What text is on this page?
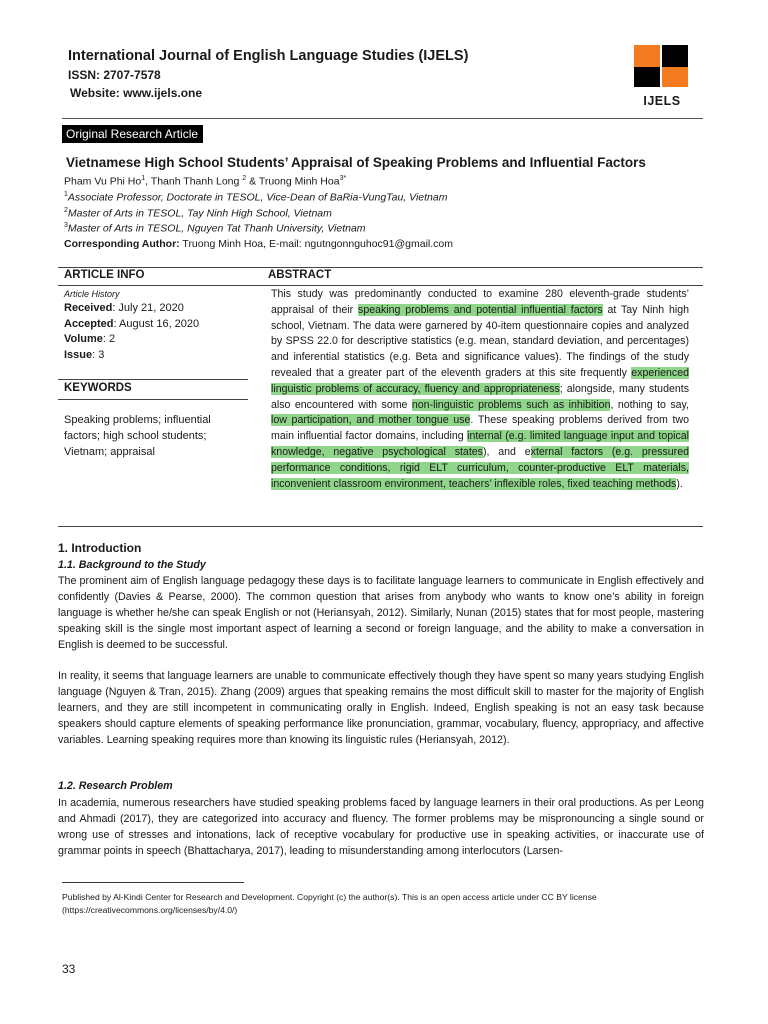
International Journal of English Language Studies (IJELS)
ISSN: 2707-7578
Website: www.ijels.one
IJELS
Original Research Article
Vietnamese High School Students’ Appraisal of Speaking Problems and Influential Factors
Pham Vu Phi Ho$^1$, Thanh Thanh Long $^2$ & Truong Minh Hoa$^{3*}$
$^1$Associate Professor, Doctorate in TESOL, Vice-Dean of BaRia-VungTau, Vietnam
$^2$Master of Arts in TESOL, Tay Ninh High School, Vietnam
$^3$Master of Arts in TESOL, Nguyen Tat Thanh University, Vietnam
Corresponding Author: Truong Minh Hoa, E-mail: ngutngonnguhoc91@gmail.com
ARTICLE INFO	ABSTRACT
Article History
Received: July 21, 2020
Accepted: August 16, 2020
Volume: 2
Issue: 3
KEYWORDS
Speaking problems; influential
factors; high school students;
Vietnam; appraisal
This study was predominantly conducted to examine 280 eleventh-grade students’ appraisal of their speaking problems and potential influential factors at Tay Ninh high school, Vietnam. The data were garnered by 40-item questionnaire copies and analyzed by SPSS 22.0 for descriptive statistics (e.g. mean, standard deviation, and percentages) and inferential statistics (e.g. Beta and significance values). The findings of the study revealed that a greater part of the eleventh graders at this site frequently experienced linguistic problems of accuracy, fluency and appropriateness; alongside, many students also encountered with some non-linguistic problems such as inhibition, nothing to say, low participation, and mother tongue use. These speaking problems derived from two main influential factor domains, including internal (e.g. limited language input and topical knowledge, negative psychological states), and external factors (e.g. pressured performance conditions, rigid ELT curriculum, counter-productive ELT materials, inconvenient classroom environment, teachers’ inflexible roles, fixed teaching methods).
1. Introduction
1.1. Background to the Study
The prominent aim of English language pedagogy these days is to facilitate language learners to communicate in English effectively and confidently (Davies & Pearse, 2000). The common question that arises from anybody who wants to know one’s ability in foreign language is whether he/she can speak English or not (Heriansyah, 2012). Similarly, Nunan (2015) states that for most people, mastering speaking skill is the single most important aspect of learning a second or foreign language, and the ability to make a conversation in English is deemed to be successful.
In reality, it seems that language learners are unable to communicate effectively though they have spent so many years studying English language (Nguyen & Tran, 2015). Zhang (2009) argues that speaking remains the most difficult skill to master for the majority of English learners, and they are still incompetent in communicating orally in English. Indeed, English speaking is not an easy task because speakers should capture elements of speaking performance like pronunciation, grammar, vocabulary, fluency, appropriacy, and affective variables. Learning speaking requires more than knowing its linguistic rules (Heriansyah, 2012).
1.2. Research Problem
In academia, numerous researchers have studied speaking problems faced by language learners in their oral productions. As per Leong and Ahmadi (2017), they are categorized into accuracy and fluency. The former problems may be mispronouncing a single sound or wrong use of stresses and intonations, lack of receptive vocabulary for productive use in speaking activities, or inaccurate use of grammar points in speech (Bhattacharya, 2017), leading to misunderstanding among interlocutors (Larsen-
Published by Al-Kindi Center for Research and Development. Copyright (c) the author(s). This is an open access article under CC BY license (https://creativecommons.org/licenses/by/4.0/)
33
